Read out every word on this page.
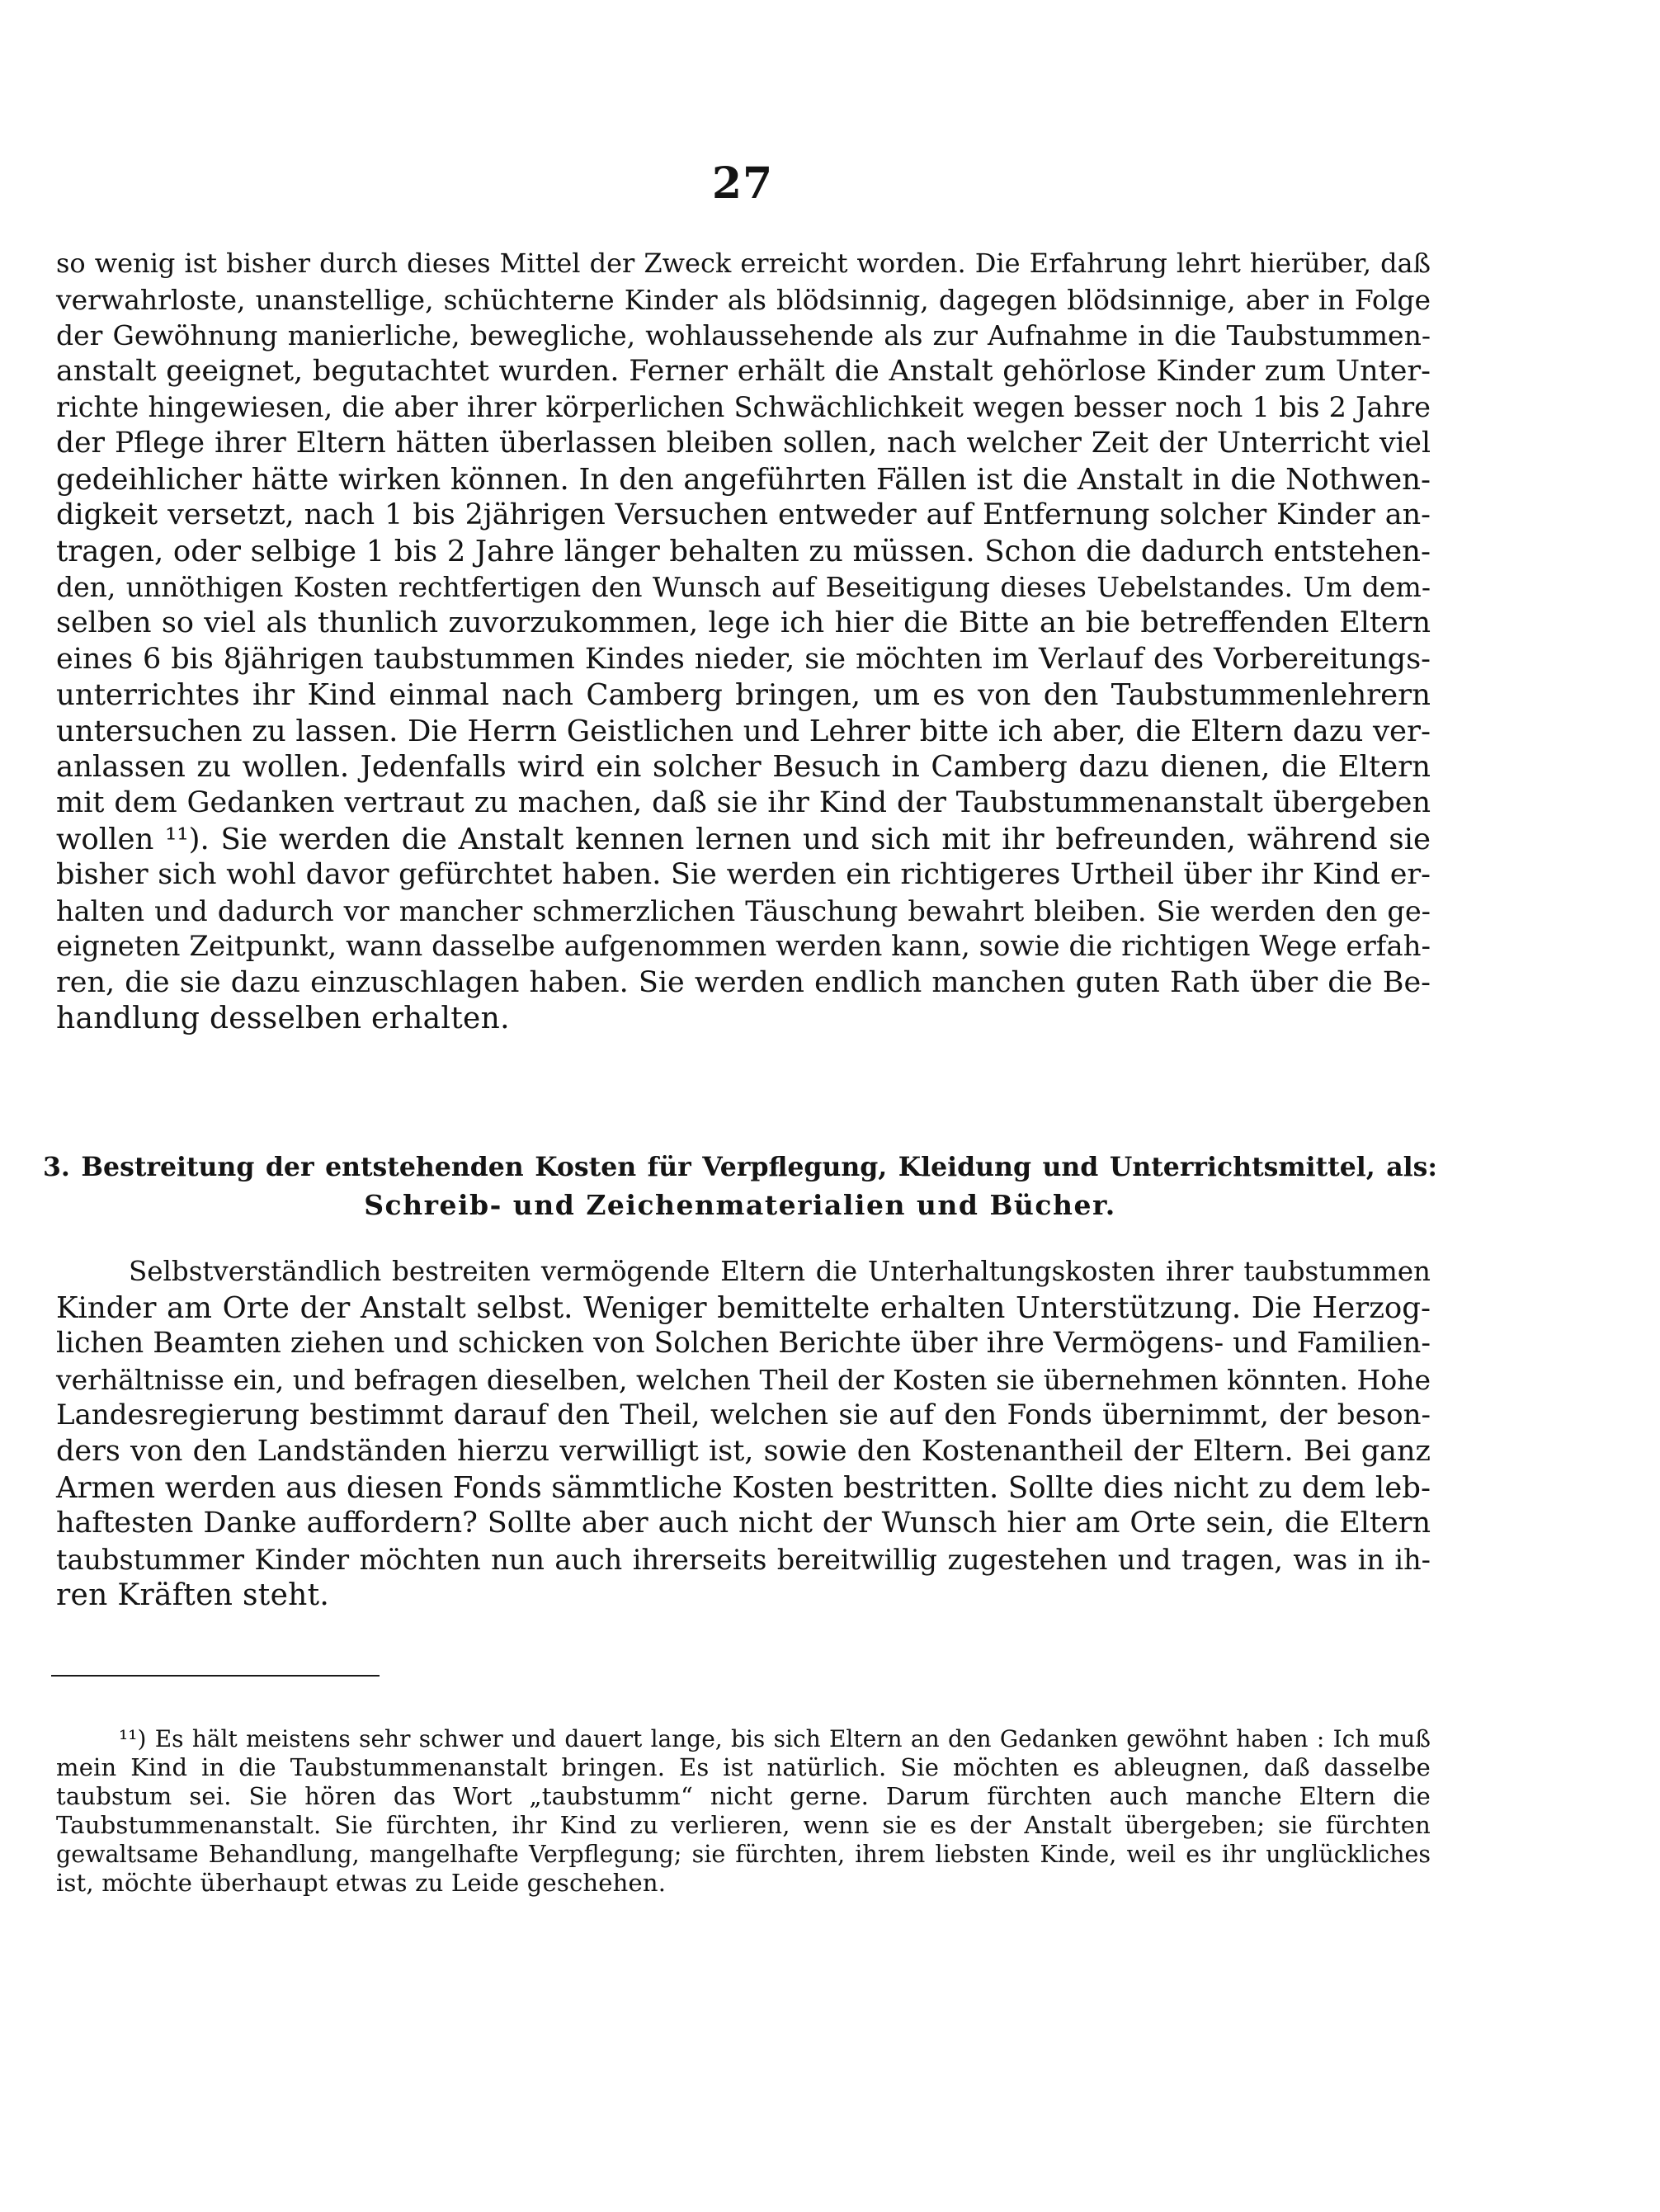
27
so wenig ist bisher durch dieses Mittel der Zweck erreicht worden. Die Erfahrung lehrt hierüber, daß
verwahrloste, unanstellige, schüchterne Kinder als blödsinnig, dagegen blödsinnige, aber in Folge
der Gewöhnung manierliche, bewegliche, wohlaussehende als zur Aufnahme in die Taubstummen-
anstalt geeignet, begutachtet wurden. Ferner erhält die Anstalt gehörlose Kinder zum Unter-
richte hingewiesen, die aber ihrer körperlichen Schwächlichkeit wegen besser noch 1 bis 2 Jahre
der Pflege ihrer Eltern hätten überlassen bleiben sollen, nach welcher Zeit der Unterricht viel
gedeihlicher hätte wirken können. In den angeführten Fällen ist die Anstalt in die Nothwen-
digkeit versetzt, nach 1 bis 2jährigen Versuchen entweder auf Entfernung solcher Kinder an-
tragen, oder selbige 1 bis 2 Jahre länger behalten zu müssen. Schon die dadurch entstehen-
den, unnöthigen Kosten rechtfertigen den Wunsch auf Beseitigung dieses Uebelstandes. Um dem-
selben so viel als thunlich zuvorzukommen, lege ich hier die Bitte an bie betreffenden Eltern
eines 6 bis 8jährigen taubstummen Kindes nieder, sie möchten im Verlauf des Vorbereitungs-
unterrichtes ihr Kind einmal nach Camberg bringen, um es von den Taubstummenlehrern
untersuchen zu lassen. Die Herrn Geistlichen und Lehrer bitte ich aber, die Eltern dazu ver-
anlassen zu wollen. Jedenfalls wird ein solcher Besuch in Camberg dazu dienen, die Eltern
mit dem Gedanken vertraut zu machen, daß sie ihr Kind der Taubstummenanstalt übergeben
wollen ¹¹). Sie werden die Anstalt kennen lernen und sich mit ihr befreunden, während sie
bisher sich wohl davor gefürchtet haben. Sie werden ein richtigeres Urtheil über ihr Kind er-
halten und dadurch vor mancher schmerzlichen Täuschung bewahrt bleiben. Sie werden den ge-
eigneten Zeitpunkt, wann dasselbe aufgenommen werden kann, sowie die richtigen Wege erfah-
ren, die sie dazu einzuschlagen haben. Sie werden endlich manchen guten Rath über die Be-
handlung desselben erhalten.
3. Bestreitung der entstehenden Kosten für Verpflegung, Kleidung und Unterrichtsmittel, als:
Schreib- und Zeichenmaterialien und Bücher.
Selbstverständlich bestreiten vermögende Eltern die Unterhaltungskosten ihrer taubstummen
Kinder am Orte der Anstalt selbst. Weniger bemittelte erhalten Unterstützung. Die Herzog-
lichen Beamten ziehen und schicken von Solchen Berichte über ihre Vermögens- und Familien-
verhältnisse ein, und befragen dieselben, welchen Theil der Kosten sie übernehmen könnten. Hohe
Landesregierung bestimmt darauf den Theil, welchen sie auf den Fonds übernimmt, der beson-
ders von den Landständen hierzu verwilligt ist, sowie den Kostenantheil der Eltern. Bei ganz
Armen werden aus diesen Fonds sämmtliche Kosten bestritten. Sollte dies nicht zu dem leb-
haftesten Danke auffordern? Sollte aber auch nicht der Wunsch hier am Orte sein, die Eltern
taubstummer Kinder möchten nun auch ihrerseits bereitwillig zugestehen und tragen, was in ih-
ren Kräften steht.
¹¹) Es hält meistens sehr schwer und dauert lange, bis sich Eltern an den Gedanken gewöhnt haben : Ich muß
mein Kind in die Taubstummenanstalt bringen. Es ist natürlich. Sie möchten es ableugnen, daß dasselbe
taubstum sei. Sie hören das Wort „taubstumm“ nicht gerne. Darum fürchten auch manche Eltern die
Taubstummenanstalt. Sie fürchten, ihr Kind zu verlieren, wenn sie es der Anstalt übergeben; sie fürchten
gewaltsame Behandlung, mangelhafte Verpflegung; sie fürchten, ihrem liebsten Kinde, weil es ihr unglückliches
ist, möchte überhaupt etwas zu Leide geschehen.
